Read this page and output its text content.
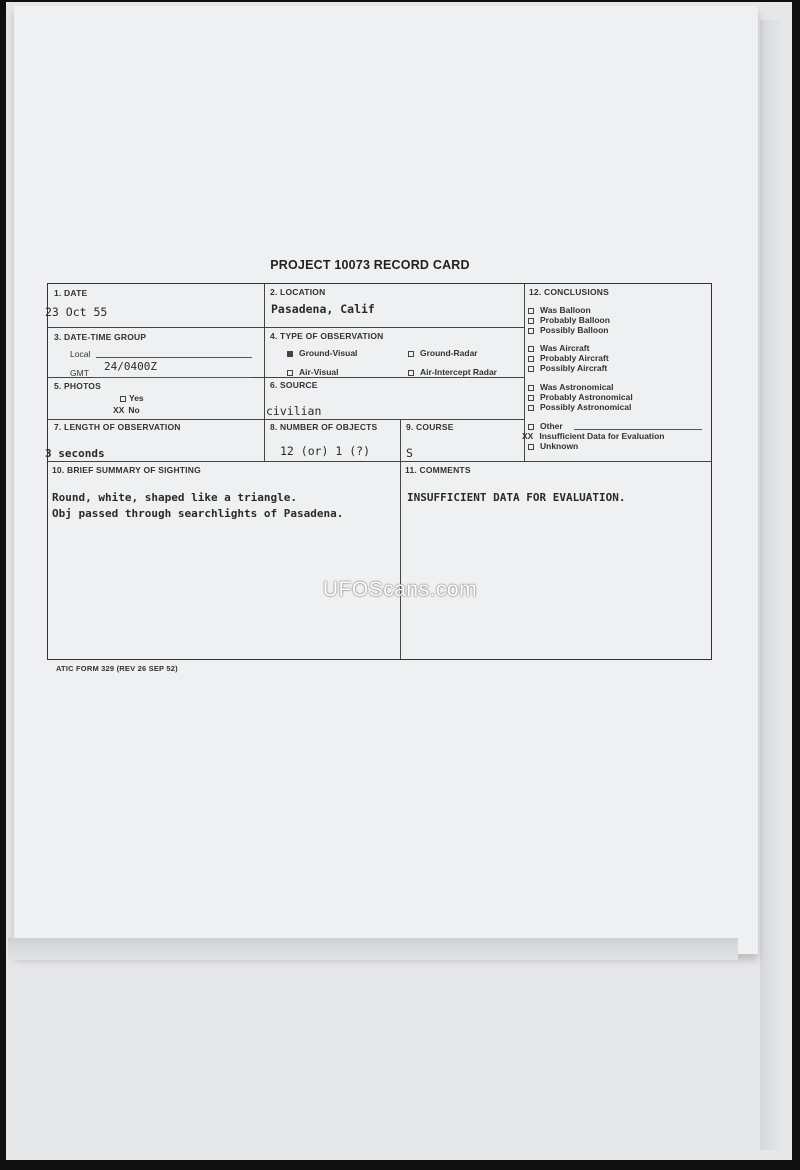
PROJECT 10073 RECORD CARD
1. DATE
23 Oct 55
2. LOCATION
Pasadena, Calif
3. DATE-TIME GROUP
Local
GMT 24/0400Z
4. TYPE OF OBSERVATION
Ground-Visual	Ground-Radar
Air-Visual	Air-Intercept Radar
5. PHOTOS
Yes
XX No
6. SOURCE
civilian
7. LENGTH OF OBSERVATION
3 seconds
8. NUMBER OF OBJECTS
12 (or) 1 (?)
9. COURSE
S
10. BRIEF SUMMARY OF SIGHTING
Round, white, shaped like a triangle.
Obj passed through searchlights of Pasadena.
11. COMMENTS
INSUFFICIENT DATA FOR EVALUATION.
12. CONCLUSIONS
Was Balloon
Probably Balloon
Possibly Balloon
Was Aircraft
Probably Aircraft
Possibly Aircraft
Was Astronomical
Probably Astronomical
Possibly Astronomical
Other
XX Insufficient Data for Evaluation
Unknown
UFOScans.com
ATIC FORM 329 (REV 26 SEP 52)
